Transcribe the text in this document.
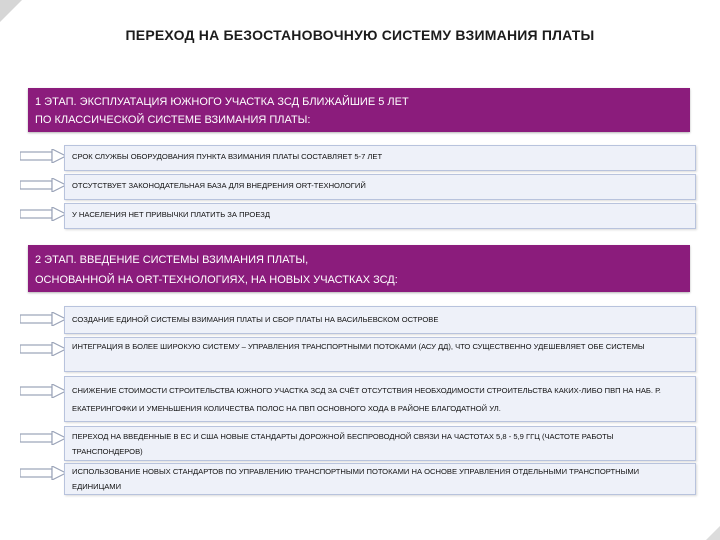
ПЕРЕХОД НА БЕЗОСТАНОВОЧНУЮ СИСТЕМУ ВЗИМАНИЯ ПЛАТЫ
1 ЭТАП. ЭКСПЛУАТАЦИЯ ЮЖНОГО УЧАСТКА ЗСД БЛИЖАЙШИЕ 5 ЛЕТ
ПО КЛАССИЧЕСКОЙ СИСТЕМЕ ВЗИМАНИЯ ПЛАТЫ:
СРОК СЛУЖБЫ ОБОРУДОВАНИЯ ПУНКТА ВЗИМАНИЯ ПЛАТЫ СОСТАВЛЯЕТ 5-7 ЛЕТ
ОТСУТСТВУЕТ ЗАКОНОДАТЕЛЬНАЯ БАЗА ДЛЯ ВНЕДРЕНИЯ ORT-ТЕХНОЛОГИЙ
У НАСЕЛЕНИЯ НЕТ ПРИВЫЧКИ ПЛАТИТЬ ЗА ПРОЕЗД
2 ЭТАП. ВВЕДЕНИЕ СИСТЕМЫ ВЗИМАНИЯ ПЛАТЫ,
ОСНОВАННОЙ НА ORT-ТЕХНОЛОГИЯХ, НА НОВЫХ УЧАСТКАХ ЗСД:
СОЗДАНИЕ ЕДИНОЙ СИСТЕМЫ ВЗИМАНИЯ ПЛАТЫ И СБОР ПЛАТЫ НА ВАСИЛЬЕВСКОМ ОСТРОВЕ
ИНТЕГРАЦИЯ В БОЛЕЕ ШИРОКУЮ СИСТЕМУ – УПРАВЛЕНИЯ ТРАНСПОРТНЫМИ ПОТОКАМИ (АСУ ДД), ЧТО СУЩЕСТВЕННО УДЕШЕВЛЯЕТ ОБЕ СИСТЕМЫ
СНИЖЕНИЕ СТОИМОСТИ СТРОИТЕЛЬСТВА ЮЖНОГО УЧАСТКА ЗСД ЗА СЧЁТ ОТСУТСТВИЯ НЕОБХОДИМОСТИ СТРОИТЕЛЬСТВА КАКИХ-ЛИБО ПВП НА НАБ. Р. ЕКАТЕРИНГОФКИ И УМЕНЬШЕНИЯ КОЛИЧЕСТВА ПОЛОС НА ПВП ОСНОВНОГО ХОДА В РАЙОНЕ БЛАГОДАТНОЙ УЛ.
ПЕРЕХОД НА ВВЕДЕННЫЕ В ЕС И США НОВЫЕ СТАНДАРТЫ ДОРОЖНОЙ БЕСПРОВОДНОЙ СВЯЗИ НА ЧАСТОТАХ 5,8 - 5,9 ГГЦ (ЧАСТОТЕ РАБОТЫ ТРАНСПОНДЕРОВ)
ИСПОЛЬЗОВАНИЕ НОВЫХ СТАНДАРТОВ ПО УПРАВЛЕНИЮ ТРАНСПОРТНЫМИ ПОТОКАМИ НА ОСНОВЕ УПРАВЛЕНИЯ ОТДЕЛЬНЫМИ ТРАНСПОРТНЫМИ ЕДИНИЦАМИ
